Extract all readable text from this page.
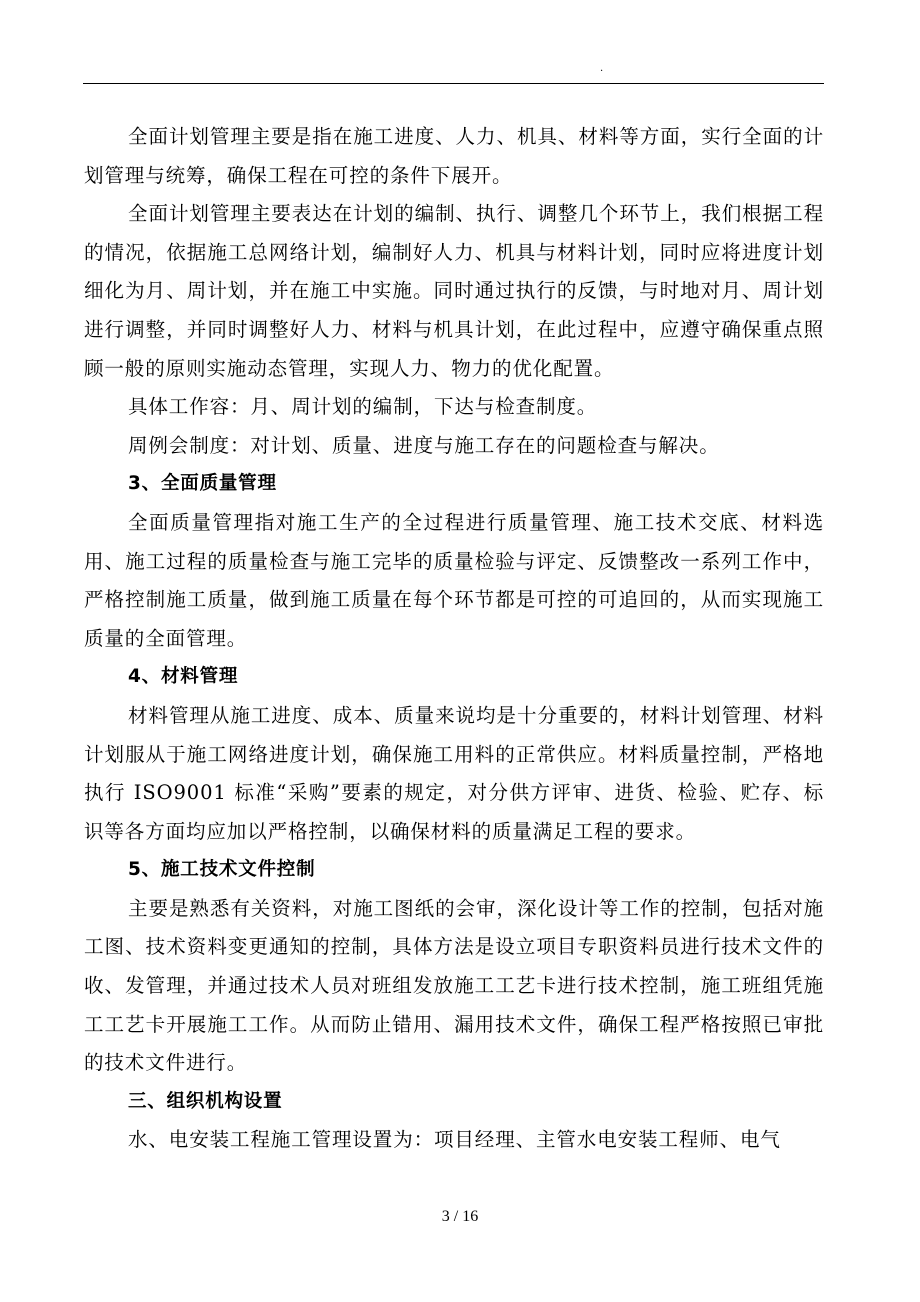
.

全面计划管理主要是指在施工进度、人力、机具、材料等方面，实行全面的计划管理与统筹，确保工程在可控的条件下展开。

全面计划管理主要表达在计划的编制、执行、调整几个环节上，我们根据工程的情况，依据施工总网络计划，编制好人力、机具与材料计划，同时应将进度计划细化为月、周计划，并在施工中实施。同时通过执行的反馈，与时地对月、周计划进行调整，并同时调整好人力、材料与机具计划，在此过程中，应遵守确保重点照顾一般的原则实施动态管理，实现人力、物力的优化配置。

具体工作容：月、周计划的编制，下达与检查制度。

周例会制度：对计划、质量、进度与施工存在的问题检查与解决。

3、全面质量管理

全面质量管理指对施工生产的全过程进行质量管理、施工技术交底、材料选用、施工过程的质量检查与施工完毕的质量检验与评定、反馈整改一系列工作中，严格控制施工质量，做到施工质量在每个环节都是可控的可追回的，从而实现施工质量的全面管理。

4、材料管理

材料管理从施工进度、成本、质量来说均是十分重要的，材料计划管理、材料计划服从于施工网络进度计划，确保施工用料的正常供应。材料质量控制，严格地执行 ISO9001 标准“采购”要素的规定，对分供方评审、进货、检验、贮存、标识等各方面均应加以严格控制，以确保材料的质量满足工程的要求。

5、施工技术文件控制

主要是熟悉有关资料，对施工图纸的会审，深化设计等工作的控制，包括对施工图、技术资料变更通知的控制，具体方法是设立项目专职资料员进行技术文件的收、发管理，并通过技术人员对班组发放施工工艺卡进行技术控制，施工班组凭施工工艺卡开展施工工作。从而防止错用、漏用技术文件，确保工程严格按照已审批的技术文件进行。

三、组织机构设置

水、电安装工程施工管理设置为：项目经理、主管水电安装工程师、电气

3 / 16
